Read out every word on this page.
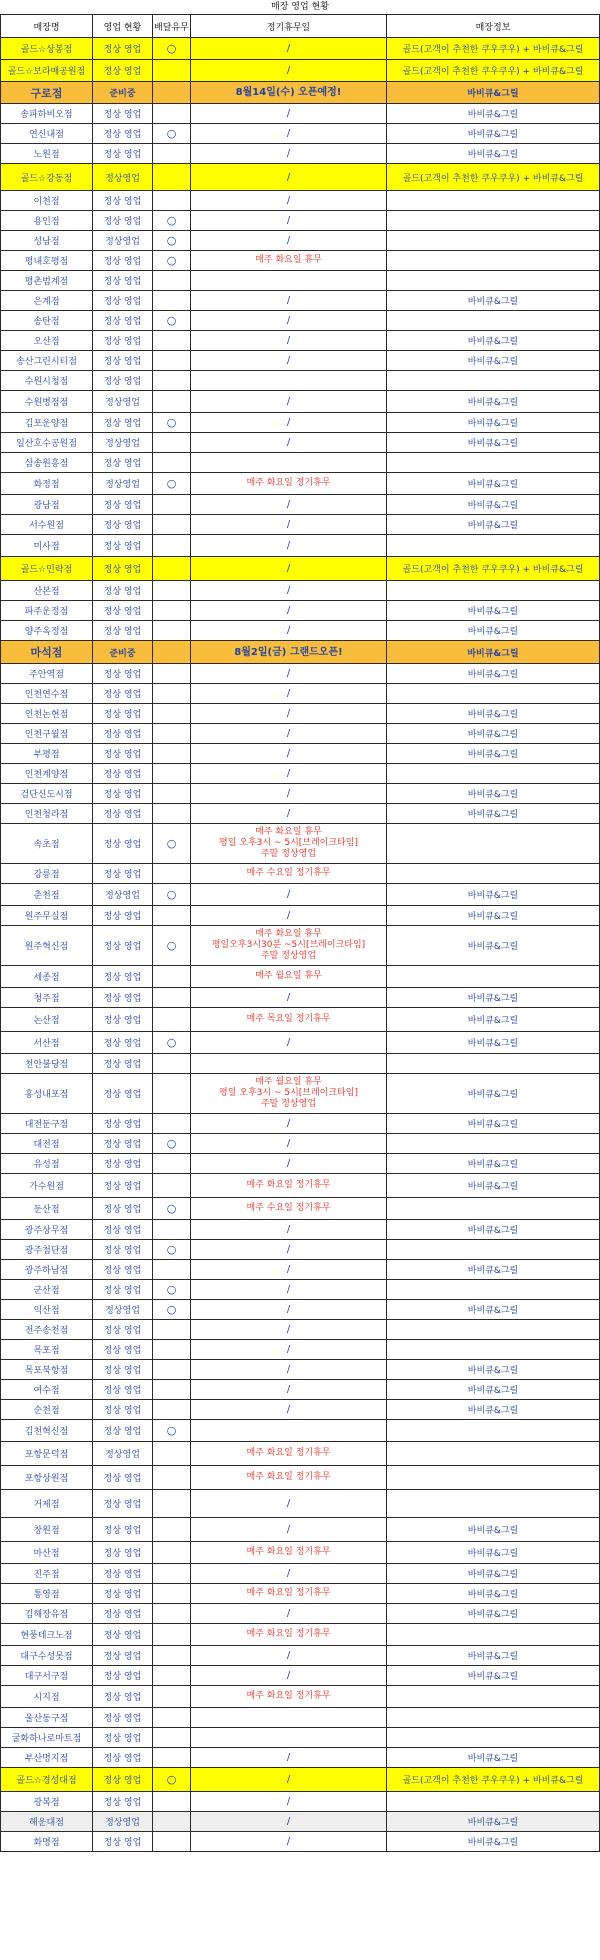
매장 영업 현황
매장명	영업 현황	배달유무	정기휴무일	매장정보
골드☆상봉점	정상 영업	○	/	골드(고객이 추천한 쿠우쿠우) + 바비큐&그릴
골드☆보라매공원점	정상 영업		/	골드(고객이 추천한 쿠우쿠우) + 바비큐&그릴
구로점	준비중		8월14일(수) 오픈예정!	바비큐&그릴
송파하비오점	정상 영업		/	바비큐&그릴
연신내점	정상 영업	○	/	바비큐&그릴
노원점	정상 영업		/	바비큐&그릴
골드☆강동점	정상영업		/	골드(고객이 추천한 쿠우쿠우) + 바비큐&그릴
이천점	정상 영업		/	
용인점	정상 영업	○	/	
성남점	정상영업	○	/	
평내호평점	정상 영업	○	매주 화요일 휴무	
평촌범계점	정상 영업			
은계점	정상 영업		/	바비큐&그릴
송탄점	정상 영업	○	/	
오산점	정상 영업		/	바비큐&그릴
송산그린시티점	정상 영업		/	바비큐&그릴
수원시청점	정상 영업			
수원병점점	정상영업		/	바비큐&그릴
김포운양점	정상 영업	○	/	바비큐&그릴
일산호수공원점	정상영업		/	바비큐&그릴
삼송원흥점	정상 영업			
화정점	정상영업	○	매주 화요일 정기휴무	바비큐&그릴
광남점	정상 영업		/	바비큐&그릴
서수원점	정상 영업		/	바비큐&그릴
미사점	정상 영업		/	
골드☆민락점	정상 영업		/	골드(고객이 추천한 쿠우쿠우) + 바비큐&그릴
산본점	정상 영업		/	
파주운정점	정상 영업		/	바비큐&그릴
양주옥정점	정상 영업		/	바비큐&그릴
마석점	준비중		8월2일(금) 그랜드오픈!	바비큐&그릴
주안역점	정상 영업		/	바비큐&그릴
인천연수점	정상 영업		/	
인천논현점	정상 영업		/	바비큐&그릴
인천구월점	정상 영업		/	바비큐&그릴
부평점	정상 영업		/	바비큐&그릴
인천계양점	정상 영업		/	
검단신도시점	정상 영업		/	바비큐&그릴
인천청라점	정상 영업		/	바비큐&그릴
속초점	정상 영업	○	매주 화요일 휴무
평일 오후3시 ~ 5시[브레이크타임]
주말 정상영업	
강릉점	정상 영업		매주 수요일 정기휴무	
춘천점	정상영업	○	/	바비큐&그릴
원주무실점	정상 영업		/	바비큐&그릴
원주혁신점	정상 영업	○	매주 화요일 휴무
평일오후3시30분 ~5시[브레이크타임]
주말 정상영업	바비큐&그릴
세종점	정상 영업		매주 월요일 휴무	
청주점	정상 영업		/	바비큐&그릴
논산점	정상 영업		매주 목요일 정기휴무	바비큐&그릴
서산점	정상 영업	○	/	바비큐&그릴
천안불당점	정상 영업			
홍성내포점	정상 영업		매주 월요일 휴무
평일 오후3시 ~ 5시[브레이크타임]
주말 정상영업	바비큐&그릴
대전둔구점	정상 영업		/	바비큐&그릴
대전점	정상 영업	○	/	
유성점	정상 영업		/	바비큐&그릴
가수원점	정상 영업		매주 화요일 정기휴무	바비큐&그릴
둔산점	정상 영업	○	매주 수요일 정기휴무	
광주상무점	정상 영업		/	바비큐&그릴
광주첨단점	정상 영업	○	/	
광주하남점	정상 영업		/	바비큐&그릴
군산점	정상 영업	○	/	
익산점	정상영업	○	/	바비큐&그릴
전주송천점	정상 영업		/	
목포점	정상 영업		/	
목포북항점	정상 영업		/	바비큐&그릴
여수점	정상 영업		/	바비큐&그릴
순천점	정상 영업		/	바비큐&그릴
김천혁신점	정상 영업	○		
포항문덕점	정상영업		매주 화요일 정기휴무	
포항상원점	정상 영업		매주 화요일 정기휴무	
거제점	정상 영업		/	
창원점	정상 영업		/	바비큐&그릴
마산점	정상 영업		매주 화요일 정기휴무	바비큐&그릴
진주점	정상 영업		/	바비큐&그릴
통영점	정상 영업		매주 화요일 정기휴무	바비큐&그릴
김해장유점	정상 영업		/	바비큐&그릴
현풍테크노점	정상 영업		매주 화요일 정기휴무	
대구수성못점	정상 영업		/	바비큐&그릴
대구서구점	정상 영업		/	바비큐&그릴
시지점	정상 영업		매주 화요일 정기휴무	
울산동구점	정상 영업			
굴화하나로마트점	정상 영업			
부산명지점	정상 영업		/	바비큐&그릴
골드☆경성대점	정상 영업	○	/	골드(고객이 추천한 쿠우쿠우) + 바비큐&그릴
광복점	정상 영업		/	
해운대점	정상영업		/	바비큐&그릴
화명점	정상 영업		/	바비큐&그릴
